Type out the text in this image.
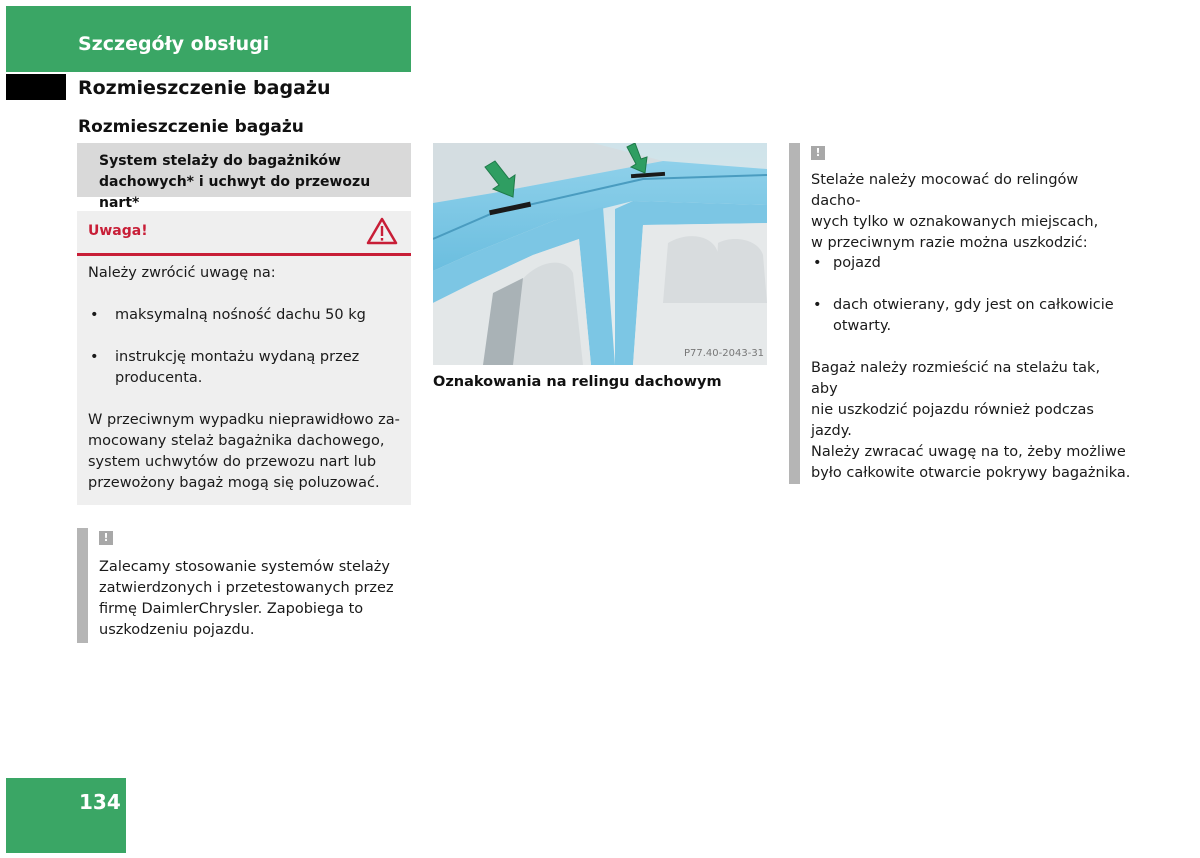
Szczegóły obsługi
Rozmieszczenie bagażu
Rozmieszczenie bagażu
System stelaży do bagażników
dachowych* i uchwyt do przewozu nart*
Uwaga!
Należy zwrócić uwagę na:
• maksymalną nośność dachu 50 kg
• instrukcję montażu wydaną przez
producenta.
W przeciwnym wypadku nieprawidłowo za-
mocowany stelaż bagażnika dachowego,
system uchwytów do przewozu nart lub
przewożony bagaż mogą się poluzować.
!
Zalecamy stosowanie systemów stelaży
zatwierdzonych i przetestowanych przez
firmę DaimlerChrysler. Zapobiega to
uszkodzeniu pojazdu.
P77.40-2043-31
Oznakowania na relingu dachowym
!
Stelaże należy mocować do relingów dacho-
wych tylko w oznakowanych miejscach,
w przeciwnym razie można uszkodzić:
• pojazd
• dach otwierany, gdy jest on całkowicie
otwarty.
Bagaż należy rozmieścić na stelażu tak, aby
nie uszkodzić pojazdu również podczas
jazdy.
Należy zwracać uwagę na to, żeby możliwe
było całkowite otwarcie pokrywy bagażnika.
134
